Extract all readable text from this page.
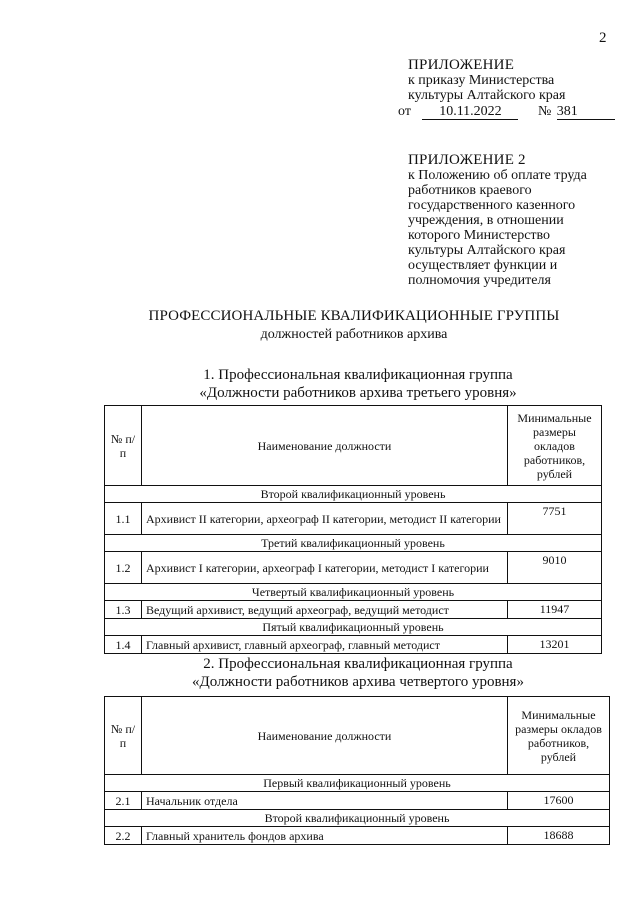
2
ПРИЛОЖЕНИЕ
к приказу Министерства
культуры Алтайского края
от 10.11.2022	№ 381
ПРИЛОЖЕНИЕ 2
к Положению об оплате труда
работников краевого
государственного казенного
учреждения, в отношении
которого Министерство
культуры Алтайского края
осуществляет функции и
полномочия учредителя
ПРОФЕССИОНАЛЬНЫЕ КВАЛИФИКАЦИОННЫЕ ГРУППЫ
должностей работников архива
1. Профессиональная квалификационная группа
«Должности работников архива третьего уровня»
№ п/п	Наименование должности	Минимальные размеры окладов работников, рублей
Второй квалификационный уровень		
1.1	Архивист II категории, археограф II категории, методист II категории	7751
Третий квалификационный уровень		
1.2	Архивист I категории, археограф I категории, методист I категории	9010
Четвертый квалификационный уровень		
1.3	Ведущий архивист, ведущий археограф, ведущий методист	11947
Пятый квалификационный уровень		
1.4	Главный архивист, главный археограф, главный методист	13201
2. Профессиональная квалификационная группа
«Должности работников архива четвертого уровня»
№ п/п	Наименование должности	Минимальные размеры окладов работников, рублей
Первый квалификационный уровень		
2.1	Начальник отдела	17600
Второй квалификационный уровень		
2.2	Главный хранитель фондов архива	18688
